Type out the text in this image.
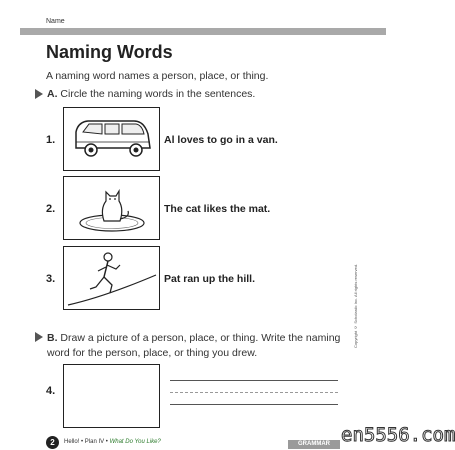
Name
Naming Words
A naming word names a person, place, or thing.
A. Circle the naming words in the sentences.
1.	Al loves to go in a van.
2.	The cat likes the mat.
3.	Pat ran up the hill.
B. Draw a picture of a person, place, or thing. Write the naming word for the person, place, or thing you drew.
4.
Copyright © Scholastic Inc. All rights reserved.
2	Hello! • Plan IV • What Do You Like?	GRAMMAR en5556.com
